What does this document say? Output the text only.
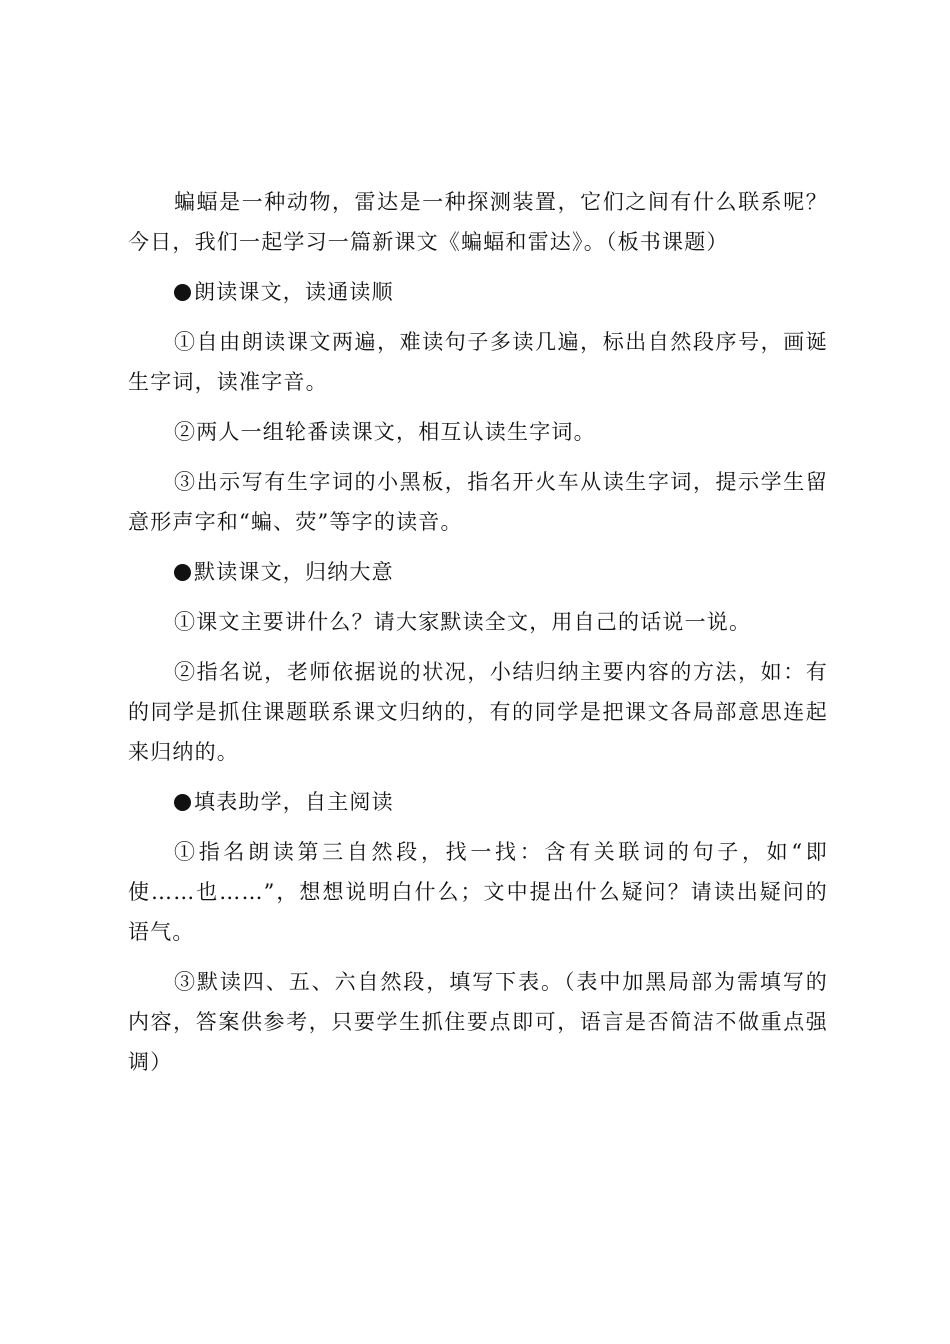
蝙蝠是一种动物，雷达是一种探测装置，它们之间有什么联系呢？今日，我们一起学习一篇新课文《蝙蝠和雷达》。（板书课题）

朗读课文，读通读顺

①自由朗读课文两遍，难读句子多读几遍，标出自然段序号，画诞生字词，读准字音。

②两人一组轮番读课文，相互认读生字词。

③出示写有生字词的小黑板，指名开火车从读生字词，提示学生留意形声字和“蝙、荧”等字的读音。

默读课文，归纳大意

①课文主要讲什么？请大家默读全文，用自己的话说一说。

②指名说，老师依据说的状况，小结归纳主要内容的方法，如：有的同学是抓住课题联系课文归纳的，有的同学是把课文各局部意思连起来归纳的。

填表助学，自主阅读

①指名朗读第三自然段，找一找：含有关联词的句子，如“即使……也……”，想想说明白什么；文中提出什么疑问？请读出疑问的语气。

③默读四、五、六自然段，填写下表。（表中加黑局部为需填写的内容，答案供参考，只要学生抓住要点即可，语言是否简洁不做重点强调）
